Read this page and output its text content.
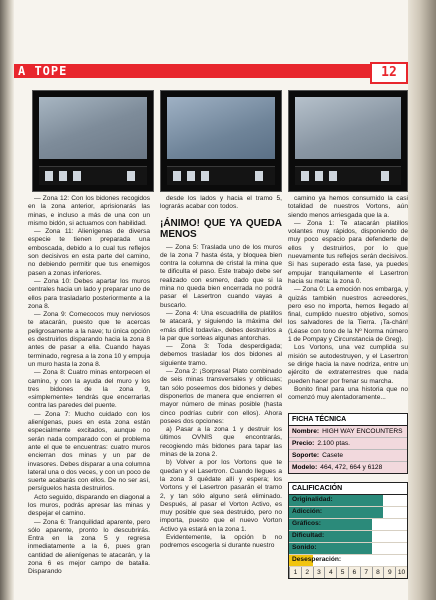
A TOPE	12

— Zona 12: Con los bidones recogidos en la zona anterior, aprisionarás las minas, e incluso a más de una con un mismo bidón, si actuamos con habilidad.

— Zona 11: Alienígenas de diversa especie te tienen preparada una emboscada, debido a lo cual tus reflejos son decisivos en esta parte del camino, no debiendo permitir que tus enemigos pasen a zonas inferiores.

— Zona 10: Debes apartar los muros centrales hacia un lado y preparar uno de ellos para trasladarlo posteriormente a la zona 8.

— Zona 9: Comecocos muy nerviosos te atacarán, puesto que te acercas peligrosamente a la nave; tu única opción es destruirlos disparando hacia la zona 8 antes de pasar a ella. Cuando hayas terminado, regresa a la zona 10 y empuja un muro hasta la zona 8.

— Zona 8: Cuatro minas entorpecen el camino, y con la ayuda del muro y los tres bidones de la zona 9, «simplemente» tendrás que encerrarlas contra las paredes del puente.

— Zona 7: Mucho cuidado con los alienígenas, pues en esta zona están especialmente excitados, aunque no serán nada comparado con el problema ante el que te encuentras: cuatro muros encierran dos minas y un par de invasores. Debes disparar a una columna lateral una o dos veces, y con un poco de suerte acabarás con ellos. De no ser así, persíguelos hasta destruirlos.

Acto seguido, disparando en diagonal a los muros, podrás apresar las minas y despejar el camino.

— Zona 6: Tranquilidad aparente, pero sólo aparente, pronto lo descubrirás. Entra en la zona 5 y regresa inmediatamente a la 6, pues gran cantidad de alienígenas te atacarán, y la zona 6 es mejor campo de batalla. Disparando

desde los lados y hacia el tramo 5, lograrás acabar con todos.

¡ÁNIMO! QUE YA QUEDA MENOS

— Zona 5: Traslada uno de los muros de la zona 7 hasta ésta, y bloquea bien contra la columna de cristal la mina que te dificulta el paso. Este trabajo debe ser realizado con esmero, dado que si la mina no queda bien encerrada no podrá pasar el Lasertron cuando vayas a buscarlo.

— Zona 4: Una escuadrilla de platillos te atacará, y siguiendo la máxima del «más difícil todavía», debes destruirlos a la par que sorteas algunas antorchas.

— Zona 3: Toda desperdigada; debemos trasladar los dos bidones al siguiente tramo.

— Zona 2: ¡Sorpresa! Plato combinado de seis minas transversales y oblicuas; tan sólo poseemos dos bidones y debes disponerlos de manera que encierren el mayor número de minas posible (hasta cinco podrías cubrir con ellos). Ahora posees dos opciones:

a) Pasar a la zona 1 y destruir los últimos OVNIS que encontrarás, recogiendo más bidones para tapar las minas de la zona 2.

b) Volver a por los Vortons que te quedan y el Lasertron. Cuando llegues a la zona 3 quédate allí y espera; los Vortons y el Lasertron pasarán el tramo 2, y tan sólo alguno será eliminado. Después, al pasar el Vorton Activo, es muy posible que sea destruido, pero no importa, puesto que el nuevo Vorton Activo ya estará en la zona 1.

Evidentemente, la opción b no podremos escogerla si durante nuestro

camino ya hemos consumido la casi totalidad de nuestros Vortons, aún siendo menos arriesgada que la a.

— Zona 1: Te atacarán platillos volantes muy rápidos, disponiendo de muy poco espacio para defenderte de ellos y destruirlos, por lo que nuevamente tus reflejos serán decisivos. Si has superado esta fase, ya puedes empujar tranquilamente el Lasertron hacia su meta: la zona 0.

— Zona 0: La emoción nos embarga, y quizás también nuestros acreedores, pero eso no importa, hemos llegado al final, cumplido nuestro objetivo, somos los salvadores de la Tierra. ¡Ta-chán! (Léase con tono de la Nº Norma número 1 de Pompay y Circunstancia de Greg).

Los Vortons, una vez cumplida su misión se autodestruyen, y el Lasertron se dirige hacia la nave nodriza, entre un ejército de extraterrestres que nada pueden hacer por frenar su marcha.

Bonito final para una historia que no comenzó muy alentadoramente...

FICHA TÉCNICA
Nombre: HIGH WAY ENCOUNTERS
Precio: 2.100 ptas.
Soporte: Casete
Modelo: 464, 472, 664 y 6128
CALIFICACIÓN
Originalidad:
Adicción:
Gráficos:
Dificultad:
Sonido:
Desesperación:
1	2	3	4	5	6	7	8	9 10
